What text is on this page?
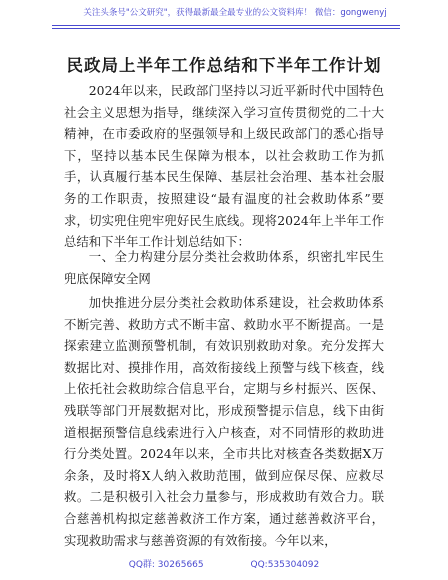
关注头条号"公文研究"，获得最新最全最专业的公文资料库！ 微信：gongwenyj
民政局上半年工作总结和下半年工作计划
2024年以来，民政部门坚持以习近平新时代中国特色社会主义思想为指导，继续深入学习宣传贯彻党的二十大精神，在市委政府的坚强领导和上级民政部门的悉心指导下，坚持以基本民生保障为根本，以社会救助工作为抓手，认真履行基本民生保障、基层社会治理、基本社会服务的工作职责，按照建设“最有温度的社会救助体系”要求，切实兜住兜牢兜好民生底线。现将2024年上半年工作总结和下半年工作计划总结如下：
一、全力构建分层分类社会救助体系，织密扎牢民生兜底保障安全网
加快推进分层分类社会救助体系建设，社会救助体系不断完善、救助方式不断丰富、救助水平不断提高。一是探索建立监测预警机制，有效识别救助对象。充分发挥大数据比对、摸排作用，高效衔接线上预警与线下核查，线上依托社会救助综合信息平台，定期与乡村振兴、医保、残联等部门开展数据对比，形成预警提示信息，线下由街道根据预警信息线索进行入户核查，对不同情形的救助进行分类处置。2024年以来，全市共比对核查各类数据X万余条，及时将X人纳入救助范围，做到应保尽保、应救尽救。二是积极引入社会力量参与，形成救助有效合力。联合慈善机构拟定慈善救济工作方案，通过慈善救济平台，实现救助需求与慈善资源的有效衔接。今年以来，
QQ群: 30265665	QQ:535304092
